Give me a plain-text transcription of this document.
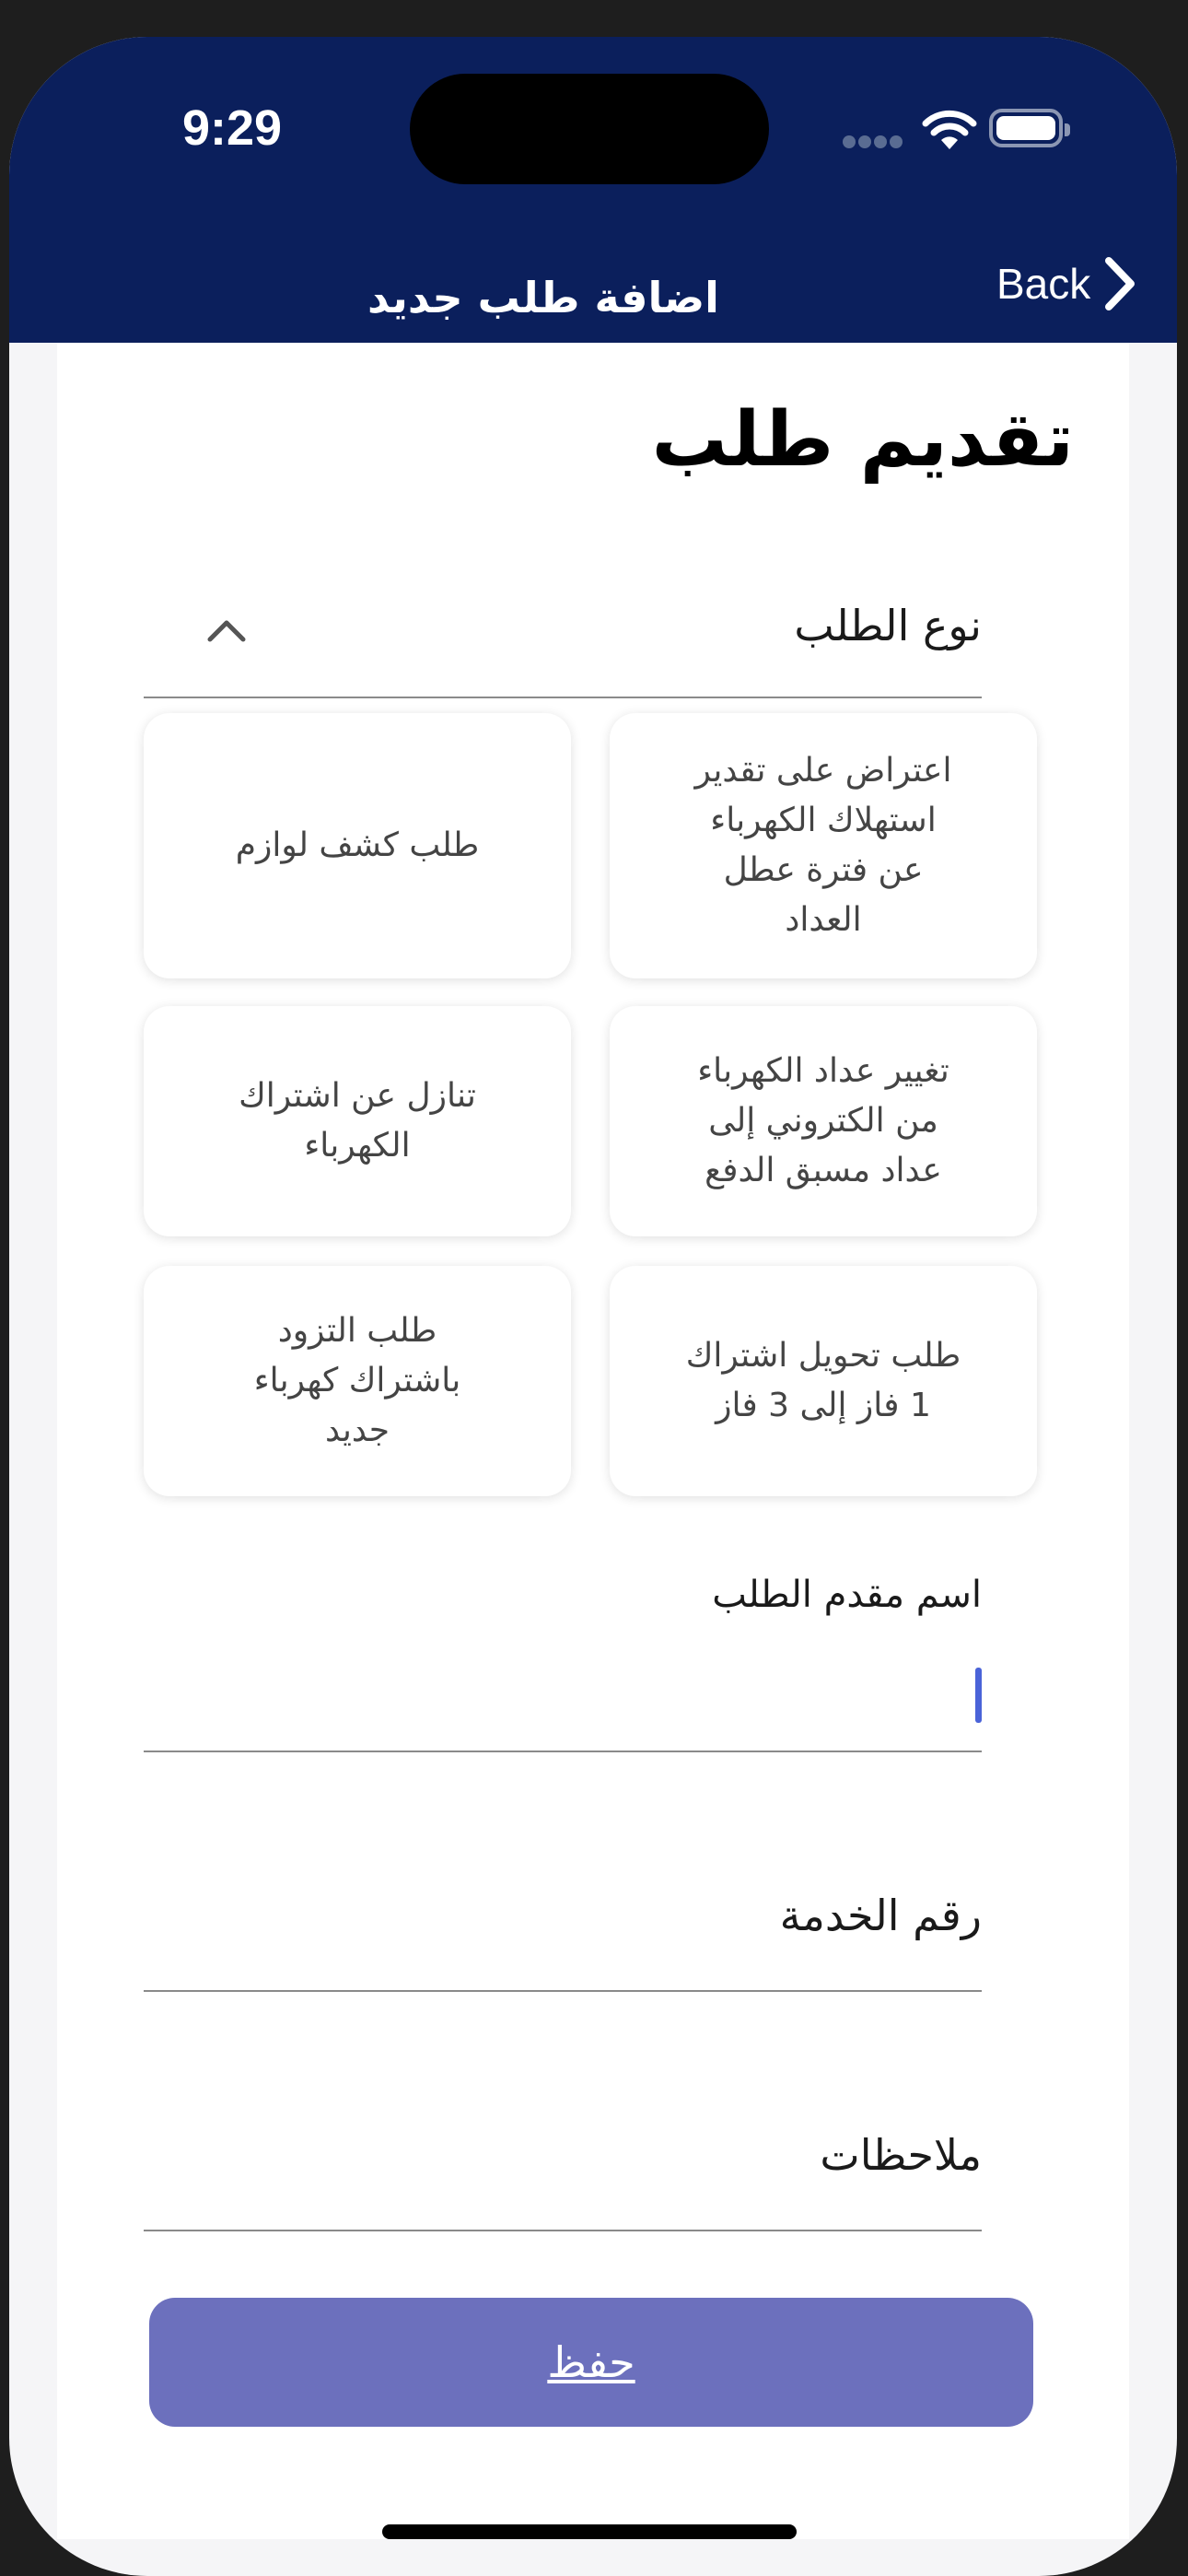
9:29
اضافة طلب جديد	Back
تقديم طلب
نوع الطلب
اعتراض على تقدير استهلاك الكهرباء عن فترة عطل العداد
طلب كشف لوازم
تغيير عداد الكهرباء من الكتروني إلى عداد مسبق الدفع
تنازل عن اشتراك الكهرباء
طلب تحويل اشتراك 1 فاز إلى 3 فاز
طلب التزود باشتراك كهرباء جديد
اسم مقدم الطلب
رقم الخدمة
ملاحظات
حفظ
